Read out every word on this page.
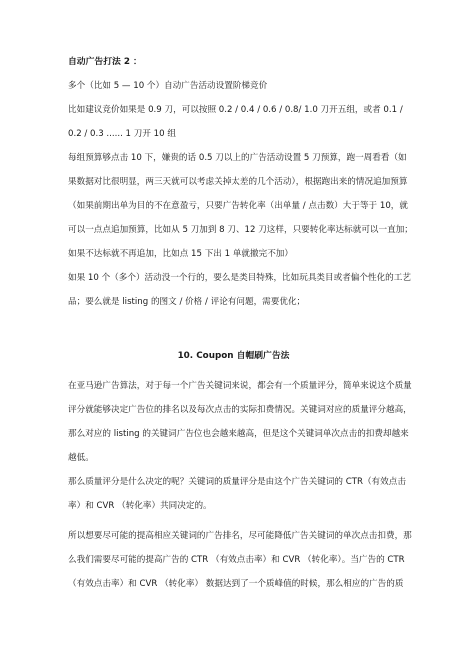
自动广告打法 2 ：
多个（比如 5 — 10 个）自动广告活动设置阶梯竞价
比如建议竞价如果是 0.9 刀，可以按照 0.2 / 0.4 / 0.6 / 0.8/ 1.0 刀开五组，或者 0.1 /
0.2 / 0.3 ...... 1 刀开 10 组
每组预算够点击 10 下，嫌贵的话 0.5 刀以上的广告活动设置 5 刀预算，跑一周看看（如
果数据对比很明显，两三天就可以考虑关掉太差的几个活动），根据跑出来的情况追加预算
（如果前期出单为目的不在意盈亏，只要广告转化率（出单量 / 点击数）大于等于 10，就
可以一点点追加预算，比如从 5 刀加到 8 刀、12 刀这样，只要转化率达标就可以一直加；
如果不达标就不再追加，比如点 15 下出 1 单就撤完不加）
如果 10 个（多个）活动没一个行的，要么是类目特殊，比如玩具类目或者偏个性化的工艺
品；要么就是 listing 的图文 / 价格 / 评论有问题，需要优化；
10. Coupon 自帽刷广告法
在亚马逊广告算法，对于每一个广告关键词来说，都会有一个质量评分，简单来说这个质量
评分就能够决定广告位的排名以及每次点击的实际扣费情况。关键词对应的质量评分越高，
那么对应的 listing 的关键词广告位也会越来越高，但是这个关键词单次点击的扣费却越来
越低。
那么质量评分是什么决定的呢？关键词的质量评分是由这个广告关键词的 CTR（有效点击
率）和 CVR （转化率）共同决定的。
所以想要尽可能的提高相应关键词的广告排名，尽可能降低广告关键词的单次点击扣费，那
么我们需要尽可能的提高广告的 CTR （有效点击率）和 CVR （转化率）。当广告的 CTR
（有效点击率）和 CVR （转化率） 数据达到了一个质峰值的时候，那么相应的广告的质
